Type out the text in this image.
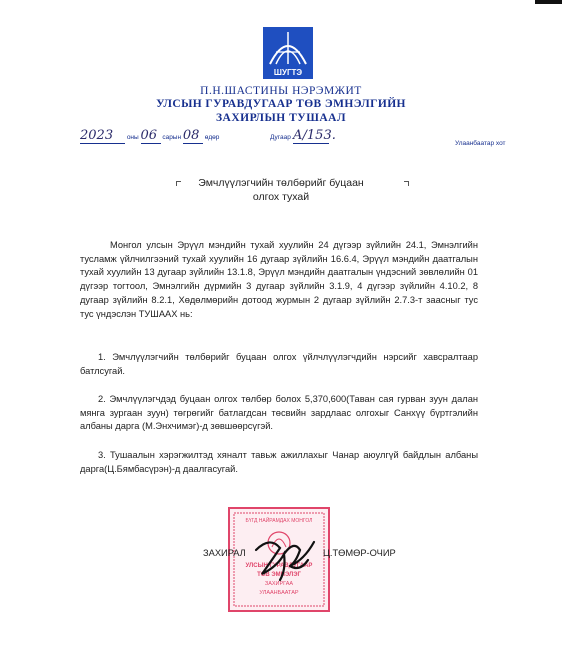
ШУГТЭ
П.Н.ШАСТИНЫ НЭРЭМЖИТ
УЛСЫН ГУРАВДУГААР ТӨВ ЭМНЭЛГИЙН
ЗАХИРЛЫН ТУШААЛ
2023 оны 06 сарын 08 өдөр	Дугаар А/153.
Улаанбаатар хот
Эмчлүүлэгчийн төлбөрийг буцаан
олгох тухай
Монгол улсын Эрүүл мэндийн тухай хуулийн 24 дүгээр зүйлийн 24.1, Эмнэлгийн тусламж үйлчилгээний тухай хуулийн 16 дугаар зүйлийн 16.6.4, Эрүүл мэндийн даатгалын тухай хуулийн 13 дугаар зүйлийн 13.1.8, Эрүүл мэндийн даатгалын үндэсний зөвлөлийн 01 дүгээр тогтоол, Эмнэлгийн дүрмийн 3 дугаар зүйлийн 3.1.9, 4 дүгээр зүйлийн 4.10.2, 8 дугаар зүйлийн 8.2.1, Хөдөлмөрийн дотоод журмын 2 дугаар зүйлийн 2.7.3-т заасныг тус тус үндэслэн ТУШААХ нь:
1. Эмчлүүлэгчийн төлбөрийг буцаан олгох үйлчлүүлэгчдийн нэрсийг хавсралтаар батлсугай.
2. Эмчлүүлэгчдэд буцаан олгох төлбөр болох 5,370,600(Таван сая гурван зуун далан мянга зургаан зуун) төгрөгийг батлагдсан төсвийн зардлаас олгохыг Санхүү бүртгэлийн албаны дарга (М.Энхчимэг)-д зөвшөөрсүгэй.
3. Тушаалын хэрэгжилтэд хяналт тавьж ажиллахыг Чанар аюулгүй байдлын албаны дарга(Ц.Бямбасүрэн)-д даалгасугай.
БҮГД НАЙРАМДАХ МОНГОЛ
УЛСЫН ГУРАВДУГААР
ТӨВ ЭМНЭЛЭГ
ЗАХИРГАА
УЛААНБААТАР
ЗАХИРАЛ	Ц.ТӨМӨР-ОЧИР
